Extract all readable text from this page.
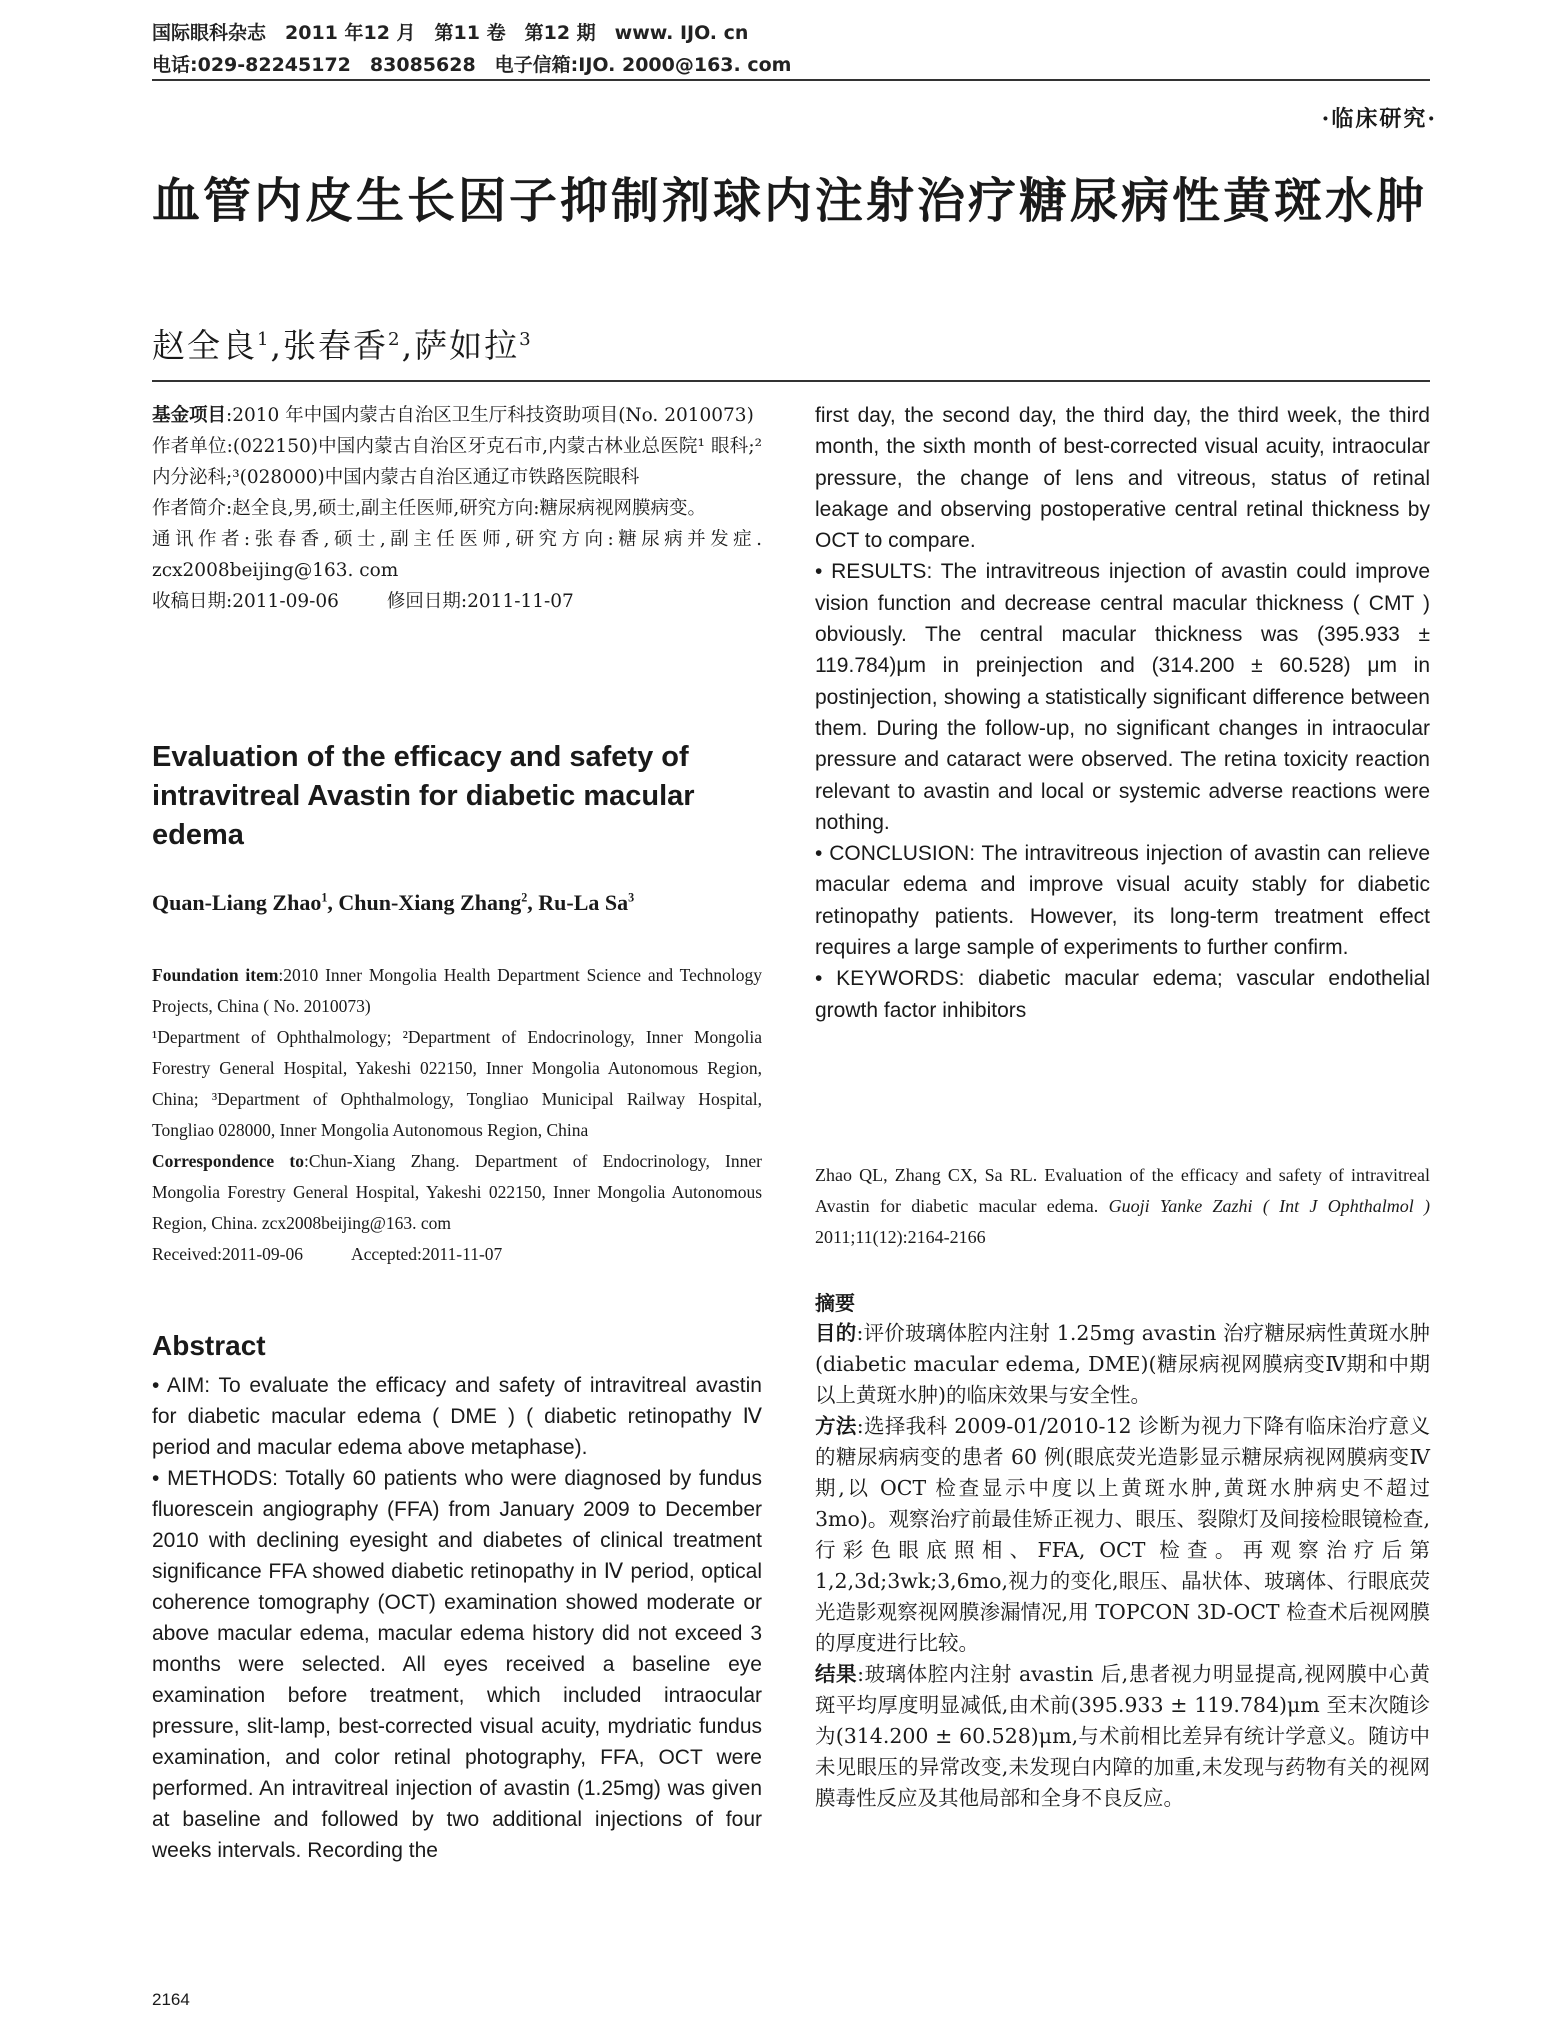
国际眼科杂志　2011 年12 月　第11 卷　第12 期　www. IJO. cn
电话:029-82245172　83085628　电子信箱:IJO. 2000@163. com
·临床研究·
血管内皮生长因子抑制剂球内注射治疗糖尿病性黄斑水肿
赵全良$^1$,张春香$^2$,萨如拉$^3$

基金项目:2010 年中国内蒙古自治区卫生厅科技资助项目(No. 2010073)

作者单位:(022150)中国内蒙古自治区牙克石市,内蒙古林业总医院¹ 眼科;² 内分泌科;³(028000)中国内蒙古自治区通辽市铁路医院眼科

作者简介:赵全良,男,硕士,副主任医师,研究方向:糖尿病视网膜病变。

通讯作者:张春香,硕士,副主任医师,研究方向:糖尿病并发症. zcx2008beijing@163. com

收稿日期:2011-09-06	修回日期:2011-11-07

Evaluation of the efficacy and safety of intravitreal Avastin for diabetic macular edema
Quan-Liang Zhao$^1$, Chun-Xiang Zhang$^2$, Ru-La Sa$^3$

Foundation item:2010 Inner Mongolia Health Department Science and Technology Projects, China ( No. 2010073)

¹Department of Ophthalmology; ²Department of Endocrinology, Inner Mongolia Forestry General Hospital, Yakeshi 022150, Inner Mongolia Autonomous Region, China; ³Department of Ophthalmology, Tongliao Municipal Railway Hospital, Tongliao 028000, Inner Mongolia Autonomous Region, China

Correspondence to:Chun-Xiang Zhang. Department of Endocrinology, Inner Mongolia Forestry General Hospital, Yakeshi 022150, Inner Mongolia Autonomous Region, China. zcx2008beijing@163. com

Received:2011-09-06	Accepted:2011-11-07

Abstract

• AIM: To evaluate the efficacy and safety of intravitreal avastin for diabetic macular edema ( DME ) ( diabetic retinopathy Ⅳ period and macular edema above metaphase).

• METHODS: Totally 60 patients who were diagnosed by fundus fluorescein angiography (FFA) from January 2009 to December 2010 with declining eyesight and diabetes of clinical treatment significance FFA showed diabetic retinopathy in Ⅳ period, optical coherence tomography (OCT) examination showed moderate or above macular edema, macular edema history did not exceed 3 months were selected. All eyes received a baseline eye examination before treatment, which included intraocular pressure, slit-lamp, best-corrected visual acuity, mydriatic fundus examination, and color retinal photography, FFA, OCT were performed. An intravitreal injection of avastin (1.25mg) was given at baseline and followed by two additional injections of four weeks intervals. Recording the

first day, the second day, the third day, the third week, the third month, the sixth month of best-corrected visual acuity, intraocular pressure, the change of lens and vitreous, status of retinal leakage and observing postoperative central retinal thickness by OCT to compare.

• RESULTS: The intravitreous injection of avastin could improve vision function and decrease central macular thickness ( CMT ) obviously. The central macular thickness was (395.933 ± 119.784)μm in preinjection and (314.200 ± 60.528) μm in postinjection, showing a statistically significant difference between them. During the follow-up, no significant changes in intraocular pressure and cataract were observed. The retina toxicity reaction relevant to avastin and local or systemic adverse reactions were nothing.

• CONCLUSION: The intravitreous injection of avastin can relieve macular edema and improve visual acuity stably for diabetic retinopathy patients. However, its long-term treatment effect requires a large sample of experiments to further confirm.

• KEYWORDS: diabetic macular edema; vascular endothelial growth factor inhibitors

Zhao QL, Zhang CX, Sa RL. Evaluation of the efficacy and safety of intravitreal Avastin for diabetic macular edema. Guoji Yanke Zazhi ( Int J Ophthalmol ) 2011;11(12):2164-2166
摘要

目的:评价玻璃体腔内注射 1.25mg avastin 治疗糖尿病性黄斑水肿(diabetic macular edema, DME)(糖尿病视网膜病变Ⅳ期和中期以上黄斑水肿)的临床效果与安全性。

方法:选择我科 2009-01/2010-12 诊断为视力下降有临床治疗意义的糖尿病病变的患者 60 例(眼底荧光造影显示糖尿病视网膜病变Ⅳ期,以 OCT 检查显示中度以上黄斑水肿,黄斑水肿病史不超过 3mo)。观察治疗前最佳矫正视力、眼压、裂隙灯及间接检眼镜检查,行彩色眼底照相、FFA, OCT 检查。再观察治疗后第 1,2,3d;3wk;3,6mo,视力的变化,眼压、晶状体、玻璃体、行眼底荧光造影观察视网膜渗漏情况,用 TOPCON 3D-OCT 检查术后视网膜的厚度进行比较。

结果:玻璃体腔内注射 avastin 后,患者视力明显提高,视网膜中心黄斑平均厚度明显减低,由术前(395.933 ± 119.784)μm 至末次随诊为(314.200 ± 60.528)μm,与术前相比差异有统计学意义。随访中未见眼压的异常改变,未发现白内障的加重,未发现与药物有关的视网膜毒性反应及其他局部和全身不良反应。

2164
